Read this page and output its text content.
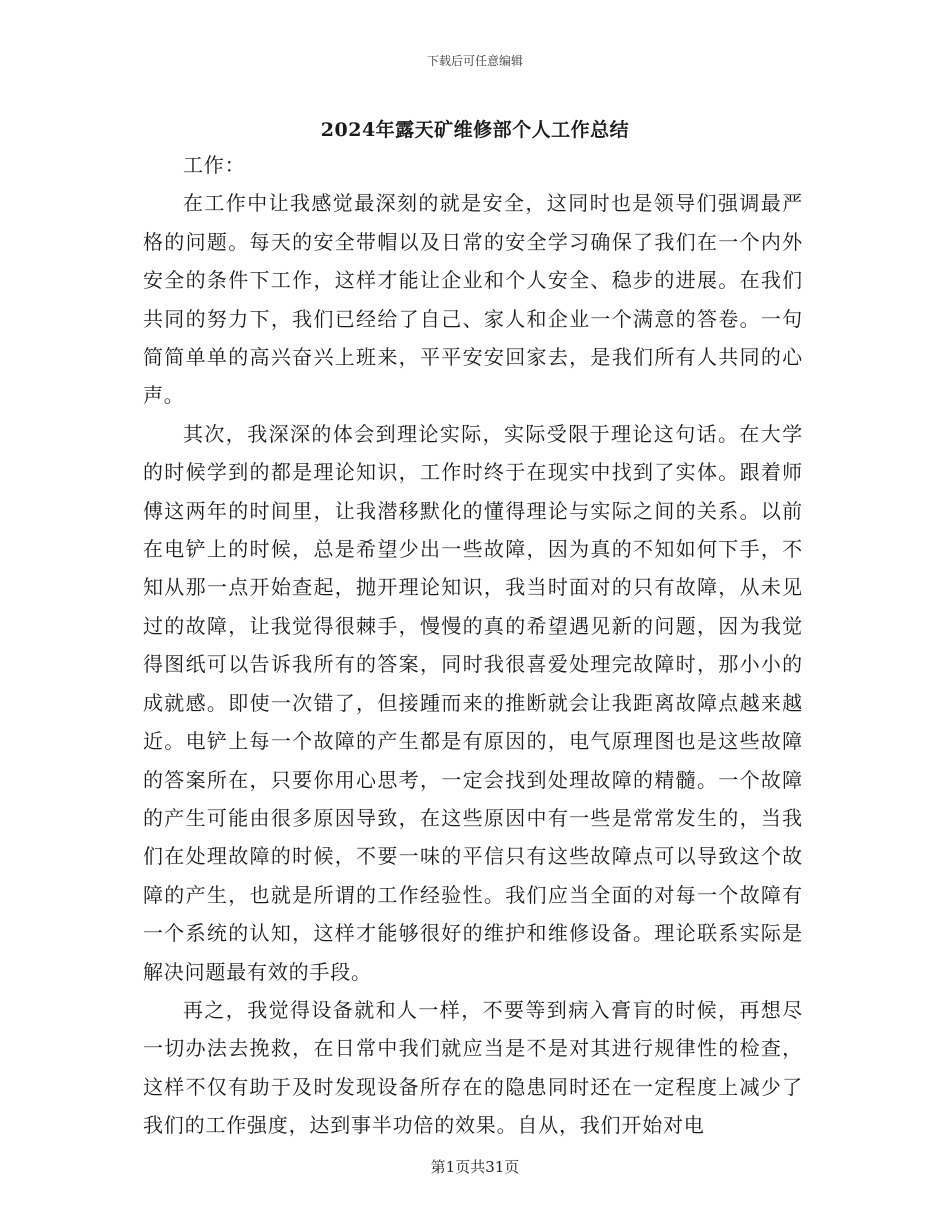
下载后可任意编辑
2024年露天矿维修部个人工作总结

工作：

在工作中让我感觉最深刻的就是安全，这同时也是领导们强调最严格的问题。每天的安全带帽以及日常的安全学习确保了我们在一个内外安全的条件下工作，这样才能让企业和个人安全、稳步的进展。在我们共同的努力下，我们已经给了自己、家人和企业一个满意的答卷。一句简简单单的高兴奋兴上班来，平平安安回家去，是我们所有人共同的心声。

其次，我深深的体会到理论实际，实际受限于理论这句话。在大学的时候学到的都是理论知识，工作时终于在现实中找到了实体。跟着师傅这两年的时间里，让我潜移默化的懂得理论与实际之间的关系。以前在电铲上的时候，总是希望少出一些故障，因为真的不知如何下手，不知从那一点开始查起，抛开理论知识，我当时面对的只有故障，从未见过的故障，让我觉得很棘手，慢慢的真的希望遇见新的问题，因为我觉得图纸可以告诉我所有的答案，同时我很喜爱处理完故障时，那小小的成就感。即使一次错了，但接踵而来的推断就会让我距离故障点越来越近。电铲上每一个故障的产生都是有原因的，电气原理图也是这些故障的答案所在，只要你用心思考，一定会找到处理故障的精髓。一个故障的产生可能由很多原因导致，在这些原因中有一些是常常发生的，当我们在处理故障的时候，不要一味的平信只有这些故障点可以导致这个故障的产生，也就是所谓的工作经验性。我们应当全面的对每一个故障有一个系统的认知，这样才能够很好的维护和维修设备。理论联系实际是解决问题最有效的手段。

再之，我觉得设备就和人一样，不要等到病入膏肓的时候，再想尽一切办法去挽救，在日常中我们就应当是不是对其进行规律性的检查，这样不仅有助于及时发现设备所存在的隐患同时还在一定程度上减少了我们的工作强度，达到事半功倍的效果。自从，我们开始对电

第1页共31页
